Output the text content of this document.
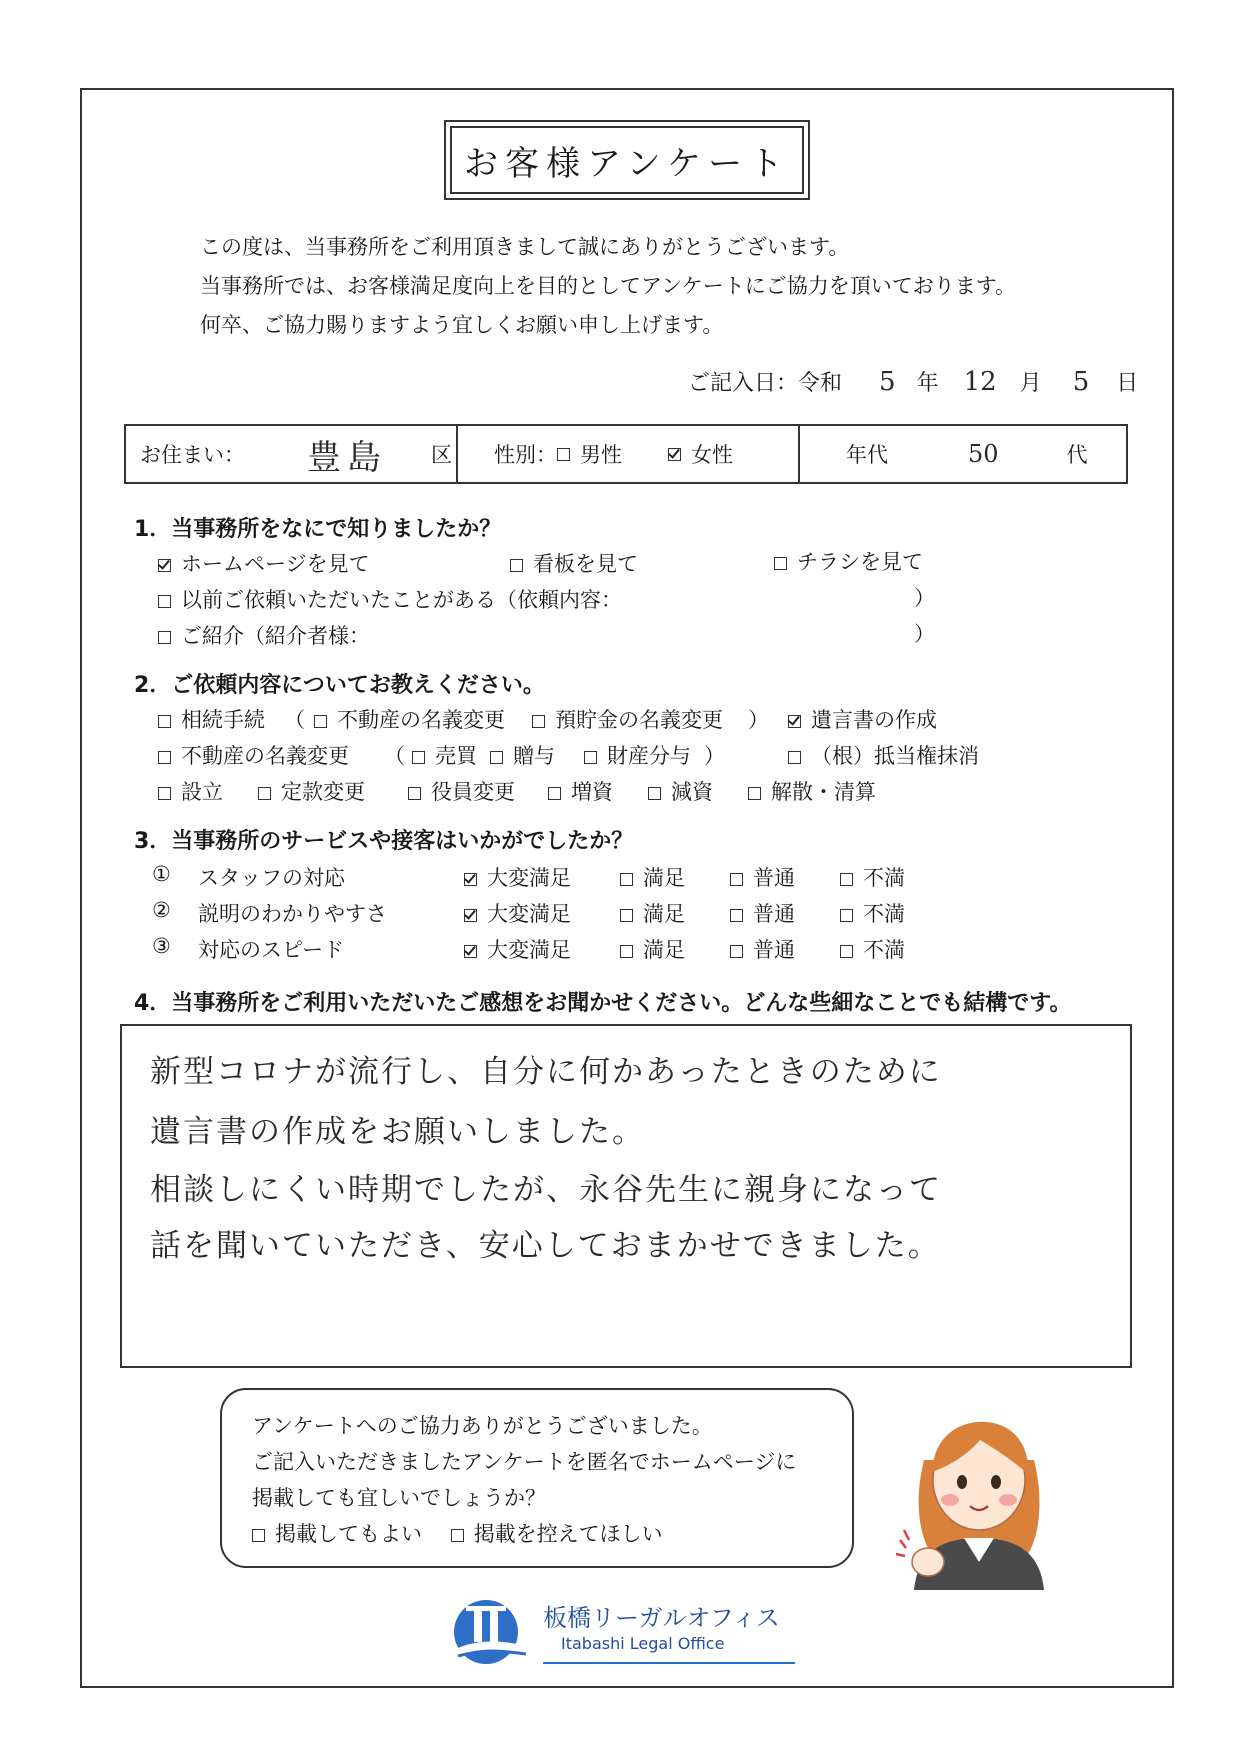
お客様アンケート
この度は、当事務所をご利用頂きまして誠にありがとうございます。
当事務所では、お客様満足度向上を目的としてアンケートにご協力を頂いております。
何卒、ご協力賜りますよう宜しくお願い申し上げます。
ご記入日：令和 5 年 12 月 5 日
お住まい： 豊島 区 性別： 男性	女性	年代	50	代
1．当事務所をなにで知りましたか？
ホームページを見て	看板を見て	チラシを見て
以前ご依頼いただいたことがある（依頼内容：	）
ご紹介（紹介者様：	）
2．ご依頼内容についてお教えください。
相続手続 （	不動産の名義変更	預貯金の名義変更 ）	遺言書の作成
不動産の名義変更 （	売買	贈与	財産分与 ）	（根）抵当権抹消
設立	定款変更	役員変更	増資	減資	解散・清算
3．当事務所のサービスや接客はいかがでしたか？
① スタッフの対応	大変満足	満足	普通	不満
② 説明のわかりやすさ	大変満足	満足	普通	不満
③ 対応のスピード	大変満足	満足	普通	不満
4．当事務所をご利用いただいたご感想をお聞かせください。どんな些細なことでも結構です。
新型コロナが流行し、自分に何かあったときのために
遺言書の作成をお願いしました。
相談しにくい時期でしたが、永谷先生に親身になって
話を聞いていただき、安心しておまかせできました。
アンケートへのご協力ありがとうございました。
ご記入いただきましたアンケートを匿名でホームページに
掲載しても宜しいでしょうか？
掲載してもよい 掲載を控えてほしい
板橋リーガルオフィス
Itabashi Legal Office
